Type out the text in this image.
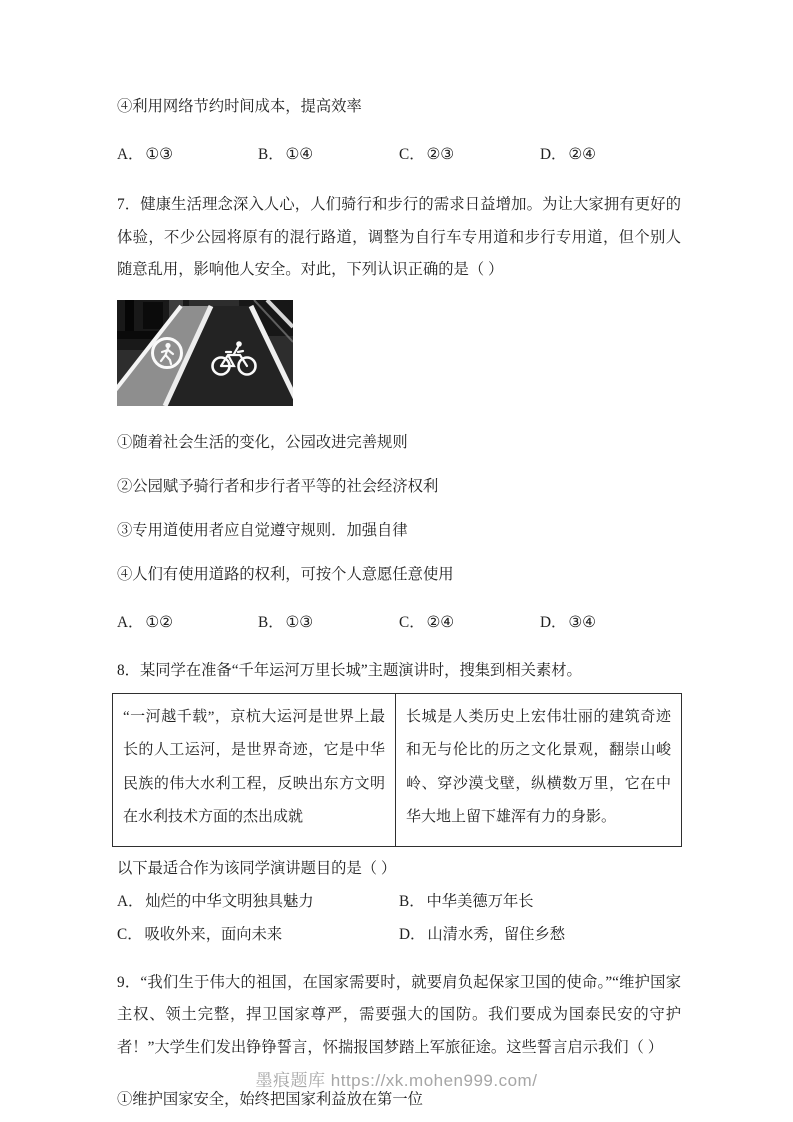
④利用网络节约时间成本，提高效率

A． ①③	B． ①④	C． ②③	D． ②④

7．健康生活理念深入人心，人们骑行和步行的需求日益增加。为让大家拥有更好的体验，不少公园将原有的混行路道，调整为自行车专用道和步行专用道，但个别人随意乱用，影响他人安全。对此，下列认识正确的是（ ）

①随着社会生活的变化，公园改进完善规则

②公园赋予骑行者和步行者平等的社会经济权利

③专用道使用者应自觉遵守规则．加强自律

④人们有使用道路的权利，可按个人意愿任意使用

A． ①②	B． ①③	C． ②④	D． ③④

8．某同学在准备“千年运河万里长城”主题演讲时，搜集到相关素材。

“一河越千载”，京杭大运河是世界上最长的人工运河，是世界奇迹，它是中华民族的伟大水利工程，反映出东方文明在水利技术方面的杰出成就	长城是人类历史上宏伟壮丽的建筑奇迹和无与伦比的历之文化景观，翻崇山峻岭、穿沙漠戈壁，纵横数万里，它在中华大地上留下雄浑有力的身影。

以下最适合作为该同学演讲题目的是（ ）

A． 灿烂的中华文明独具魅力	B． 中华美德万年长
C． 吸收外来，面向未来	D． 山清水秀，留住乡愁

9．“我们生于伟大的祖国，在国家需要时，就要肩负起保家卫国的使命。”“维护国家主权、领土完整，捍卫国家尊严，需要强大的国防。我们要成为国泰民安的守护者！”大学生们发出铮铮誓言，怀揣报国梦踏上军旅征途。这些誓言启示我们（ ）

①维护国家安全，始终把国家利益放在第一位

墨痕题库 https://xk.mohen999.com/
